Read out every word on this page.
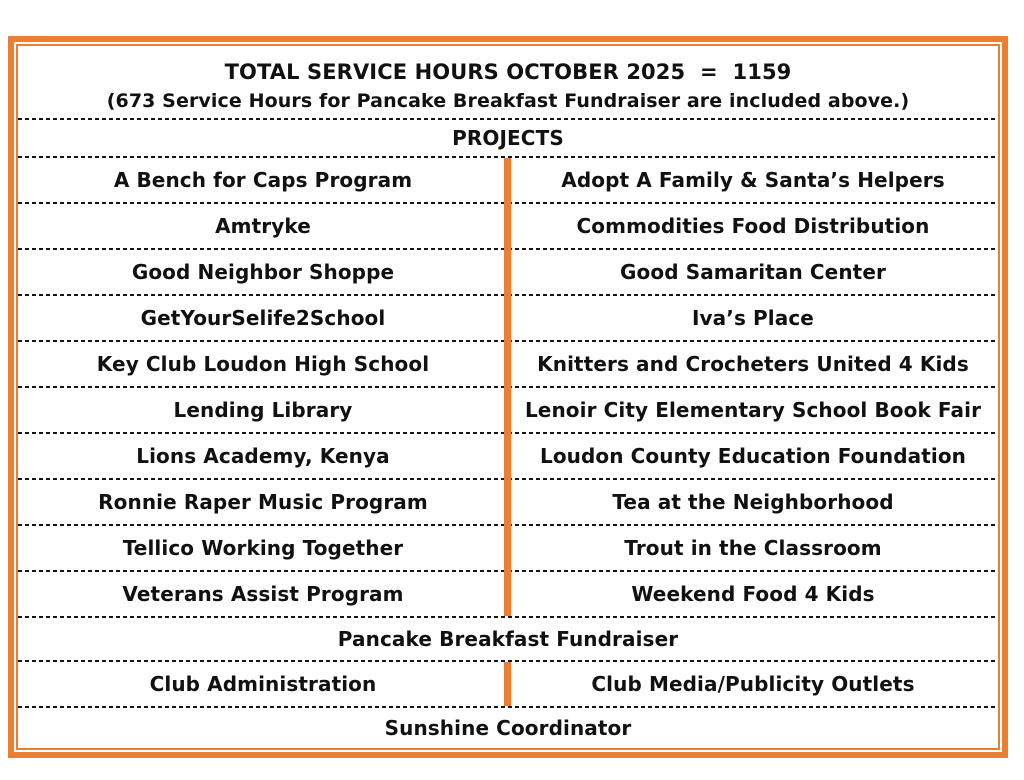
TOTAL SERVICE HOURS OCTOBER 2025  =  1159
(673 Service Hours for Pancake Breakfast Fundraiser are included above.)
PROJECTS
A Bench for Caps Program	Adopt A Family & Santa’s Helpers
Amtryke	Commodities Food Distribution
Good Neighbor Shoppe	Good Samaritan Center
GetYourSelife2School	Iva’s Place
Key Club Loudon High School	Knitters and Crocheters United 4 Kids
Lending Library	Lenoir City Elementary School Book Fair
Lions Academy, Kenya	Loudon County Education Foundation
Ronnie Raper Music Program	Tea at the Neighborhood
Tellico Working Together	Trout in the Classroom
Veterans Assist Program	Weekend Food 4 Kids
Pancake Breakfast Fundraiser
Club Administration	Club Media/Publicity Outlets
Sunshine Coordinator
